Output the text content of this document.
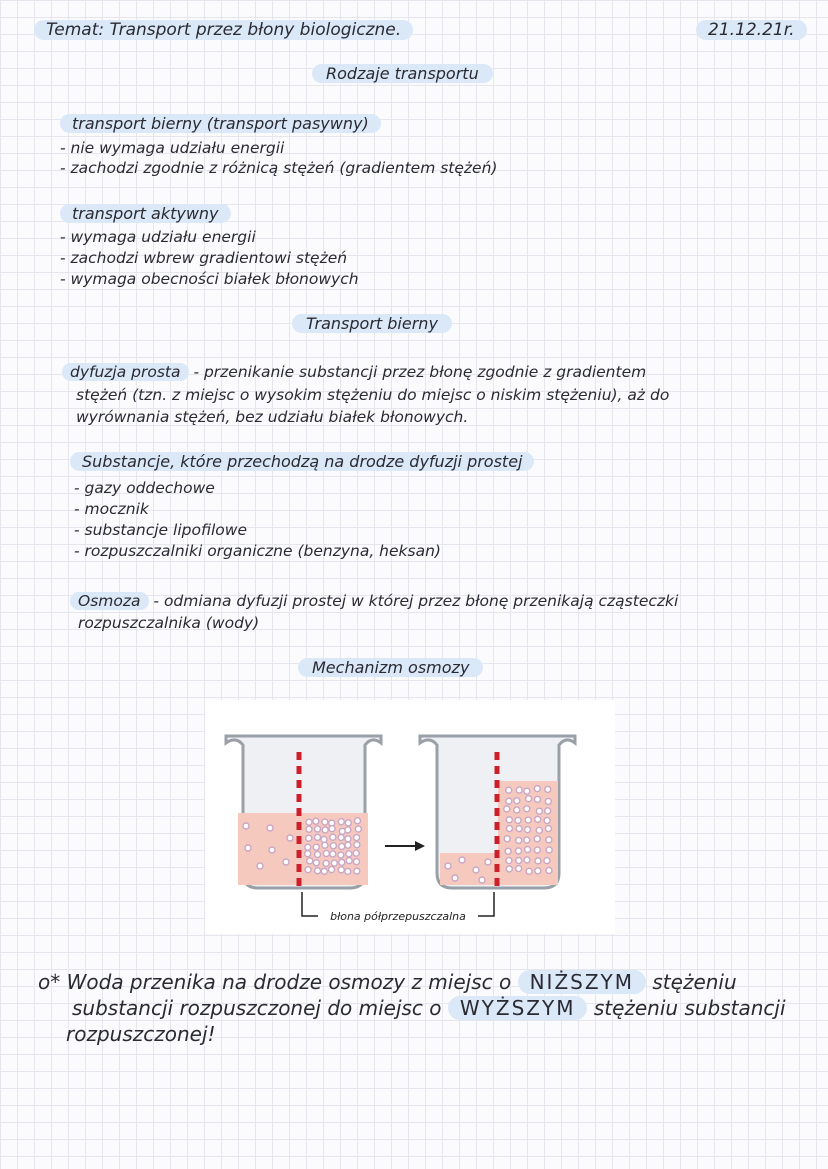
Temat: Transport przez błony biologiczne.	21.12.21r.
Rodzaje transportu
transport bierny (transport pasywny)
- nie wymaga udziału energii
- zachodzi zgodnie z różnicą stężeń (gradientem stężeń)
transport aktywny
- wymaga udziału energii
- zachodzi wbrew gradientowi stężeń
- wymaga obecności białek błonowych
Transport bierny
dyfuzja prosta - przenikanie substancji przez błonę zgodnie z gradientem
stężeń (tzn. z miejsc o wysokim stężeniu do miejsc o niskim stężeniu), aż do
wyrównania stężeń, bez udziału białek błonowych.
Substancje, które przechodzą na drodze dyfuzji prostej
- gazy oddechowe
- mocznik
- substancje lipofilowe
- rozpuszczalniki organiczne (benzyna, heksan)
Osmoza - odmiana dyfuzji prostej w której przez błonę przenikają cząsteczki
rozpuszczalnika (wody)
Mechanizm osmozy
błona półprzepuszczalna
o* Woda przenika na drodze osmozy z miejsc o NIŻSZYM stężeniu
substancji rozpuszczonej do miejsc o WYŻSZYM stężeniu substancji
rozpuszczonej!
